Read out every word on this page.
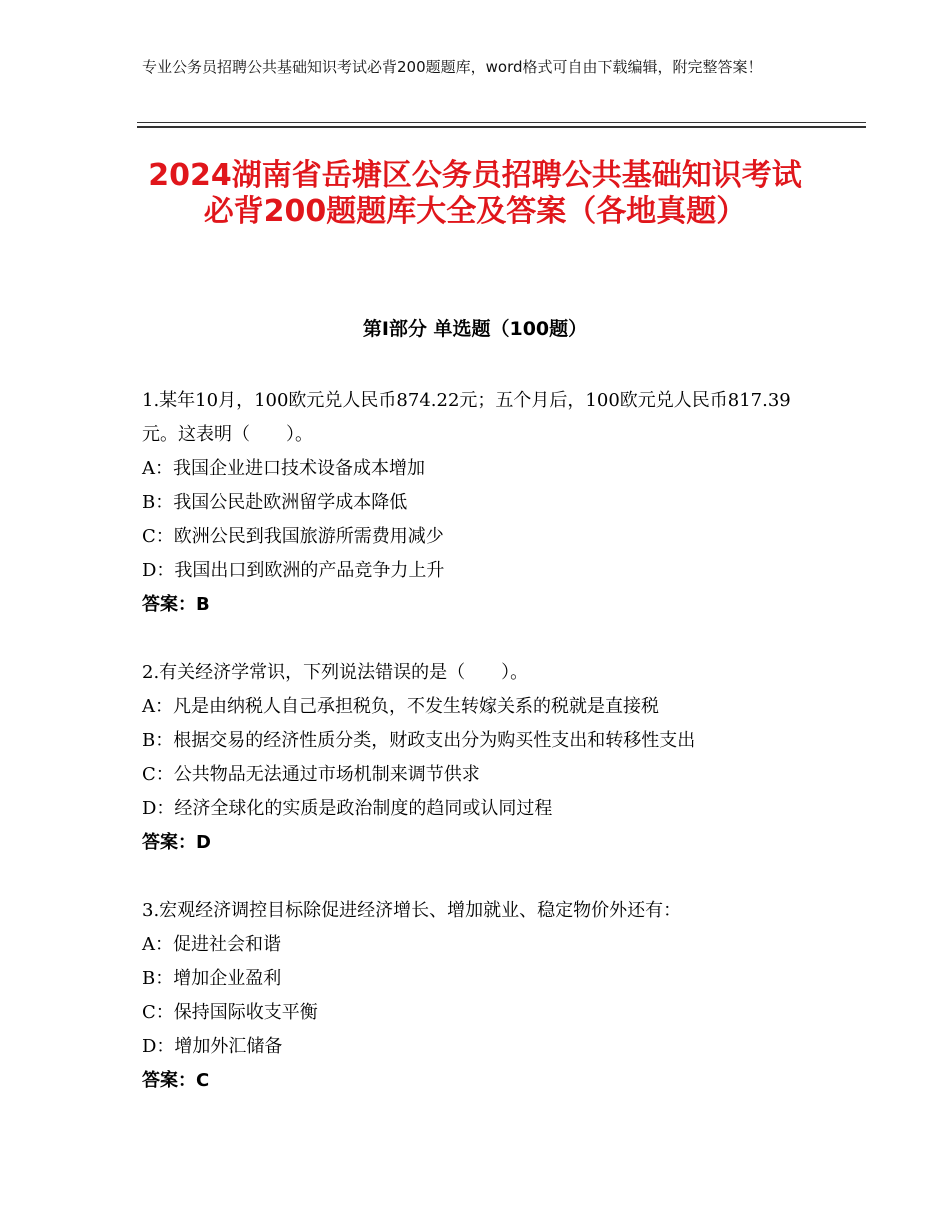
专业公务员招聘公共基础知识考试必背200题题库，word格式可自由下载编辑，附完整答案！
2024湖南省岳塘区公务员招聘公共基础知识考试必背200题题库大全及答案（各地真题）
第I部分 单选题（100题）

1.某年10月，100欧元兑人民币874.22元；五个月后，100欧元兑人民币817.39元。这表明（　　）。

A：我国企业进口技术设备成本增加

B：我国公民赴欧洲留学成本降低

C：欧洲公民到我国旅游所需费用减少

D：我国出口到欧洲的产品竞争力上升

答案：B

2.有关经济学常识，下列说法错误的是（　　）。

A：凡是由纳税人自己承担税负，不发生转嫁关系的税就是直接税

B：根据交易的经济性质分类，财政支出分为购买性支出和转移性支出

C：公共物品无法通过市场机制来调节供求

D：经济全球化的实质是政治制度的趋同或认同过程

答案：D

3.宏观经济调控目标除促进经济增长、增加就业、稳定物价外还有：

A：促进社会和谐

B：增加企业盈利

C：保持国际收支平衡

D：增加外汇储备

答案：C
